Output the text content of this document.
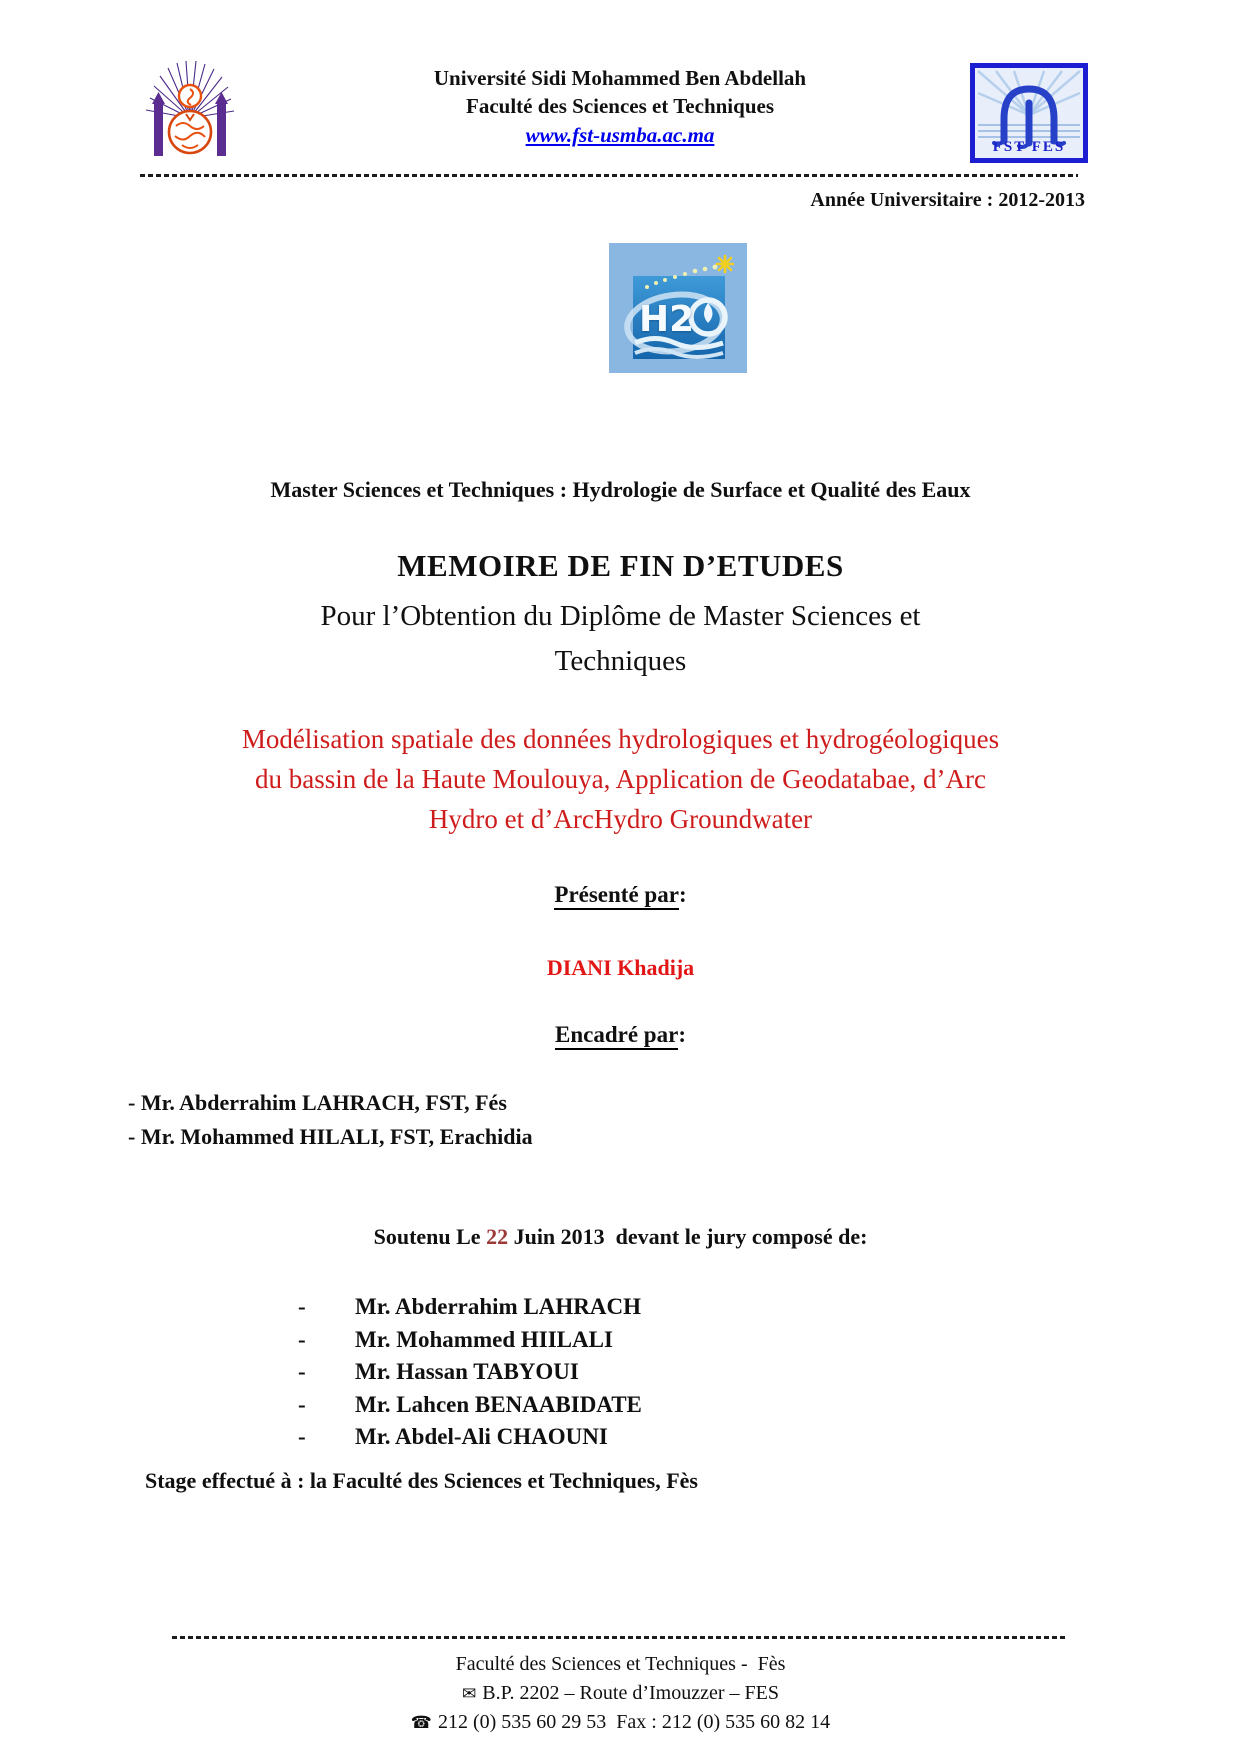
Université Sidi Mohammed Ben Abdellah
Faculté des Sciences et Techniques
www.fst-usmba.ac.ma	FST FES
Année Universitaire : 2012-2013
H2
Master Sciences et Techniques : Hydrologie de Surface et Qualité des Eaux
MEMOIRE DE FIN D’ETUDES
Pour l’Obtention du Diplôme de Master Sciences et
Techniques
Modélisation spatiale des données hydrologiques et hydrogéologiques
du bassin de la Haute Moulouya, Application de Geodatabae, d’Arc
Hydro et d’ArcHydro Groundwater
Présenté par:
DIANI Khadija
Encadré par:
- Mr. Abderrahim LAHRACH, FST, Fés
- Mr. Mohammed HILALI, FST, Erachidia
Soutenu Le 22 Juin 2013  devant le jury composé de:
-	Mr. Abderrahim LAHRACH
-	Mr. Mohammed HIILALI
-	Mr. Hassan TABYOUI
-	Mr. Lahcen BENAABIDATE
-	Mr. Abdel-Ali CHAOUNI
Stage effectué à : la Faculté des Sciences et Techniques, Fès
Faculté des Sciences et Techniques -  Fès
✉ B.P. 2202 – Route d’Imouzzer – FES
☎ 212 (0) 535 60 29 53  Fax : 212 (0) 535 60 82 14
